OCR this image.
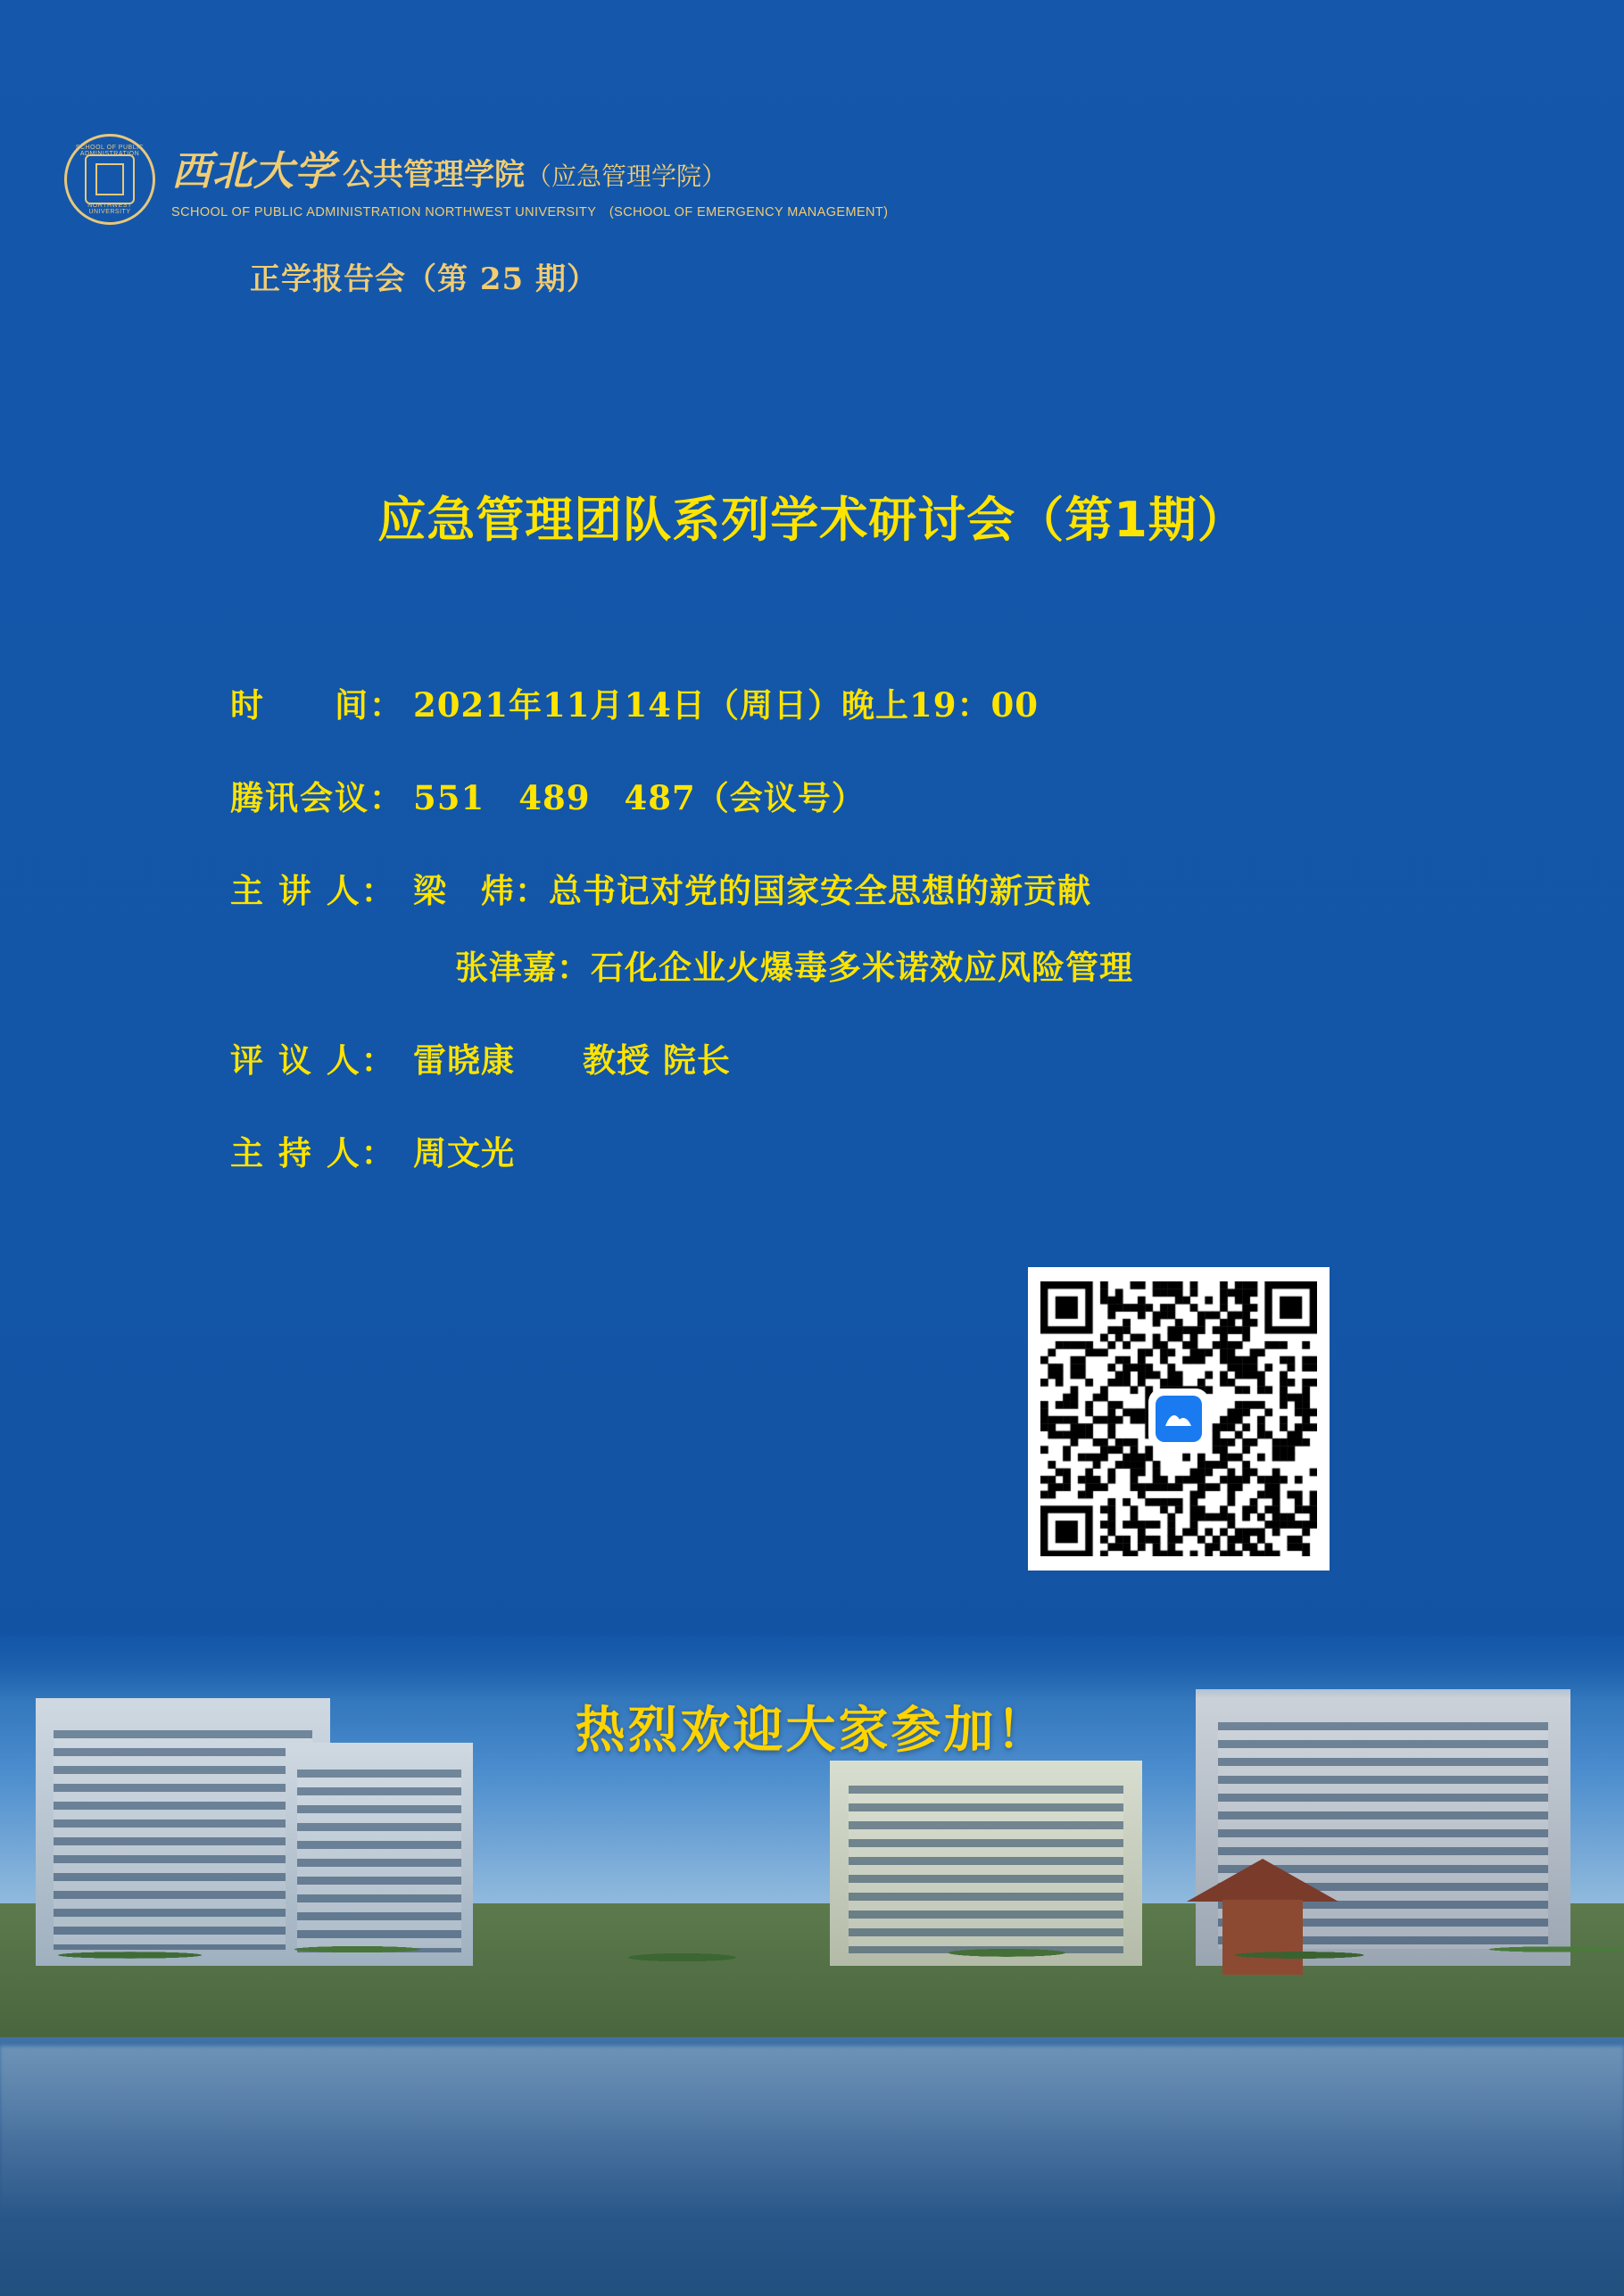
SCHOOL OF PUBLIC ADMINISTRATION
NORTHWEST UNIVERSITY
西北大学 公共管理学院 （应急管理学院）
SCHOOL OF PUBLIC ADMINISTRATION NORTHWEST UNIVERSITY　(SCHOOL OF EMERGENCY MANAGEMENT)
正学报告会（第 25 期）
应急管理团队系列学术研讨会（第1期）
时　　间： 2021年11月14日（周日）晚上19：00
腾讯会议： 551　489　487（会议号）
主 讲 人： 梁　炜：总书记对党的国家安全思想的新贡献
张津嘉：石化企业火爆毒多米诺效应风险管理
评 议 人： 雷晓康　　教授 院长
主 持 人： 周文光
热烈欢迎大家参加！
